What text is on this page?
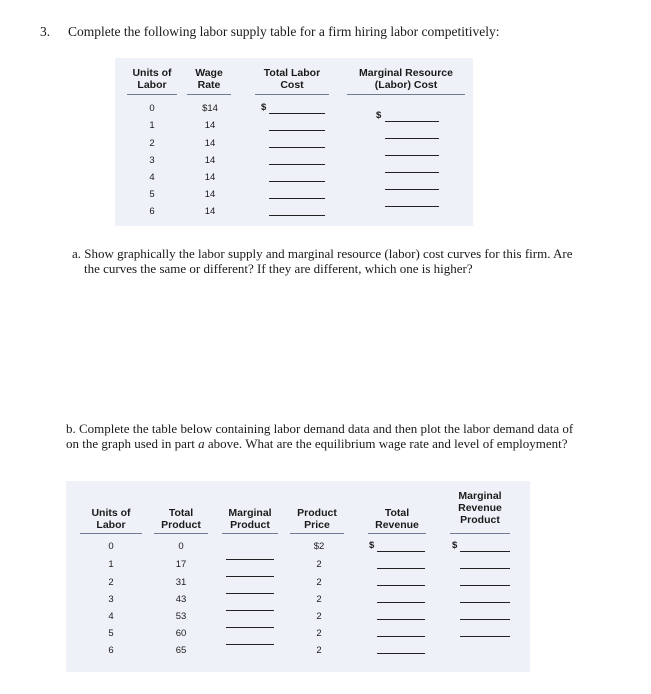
3. Complete the following labor supply table for a firm hiring labor competitively:
Units of
Labor
Wage
Rate
Total Labor
Cost
Marginal Resource
(Labor) Cost
0
1
2
3
4
5
6
$14
14
14
14
14
14
14
$
$
a. Show graphically the labor supply and marginal resource (labor) cost curves for this firm. Are
the curves the same or different? If they are different, which one is higher?
b. Complete the table below containing labor demand data and then plot the labor demand data of
on the graph used in part a above. What are the equilibrium wage rate and level of employment?
Units of
Labor
Total
Product
Marginal
Product
Product
Price
Total
Revenue
Marginal
Revenue
Product
0
1
2
3
4
5
6
0
17
31
43
53
60
65
$2
2
2
2
2
2
2
$	$
